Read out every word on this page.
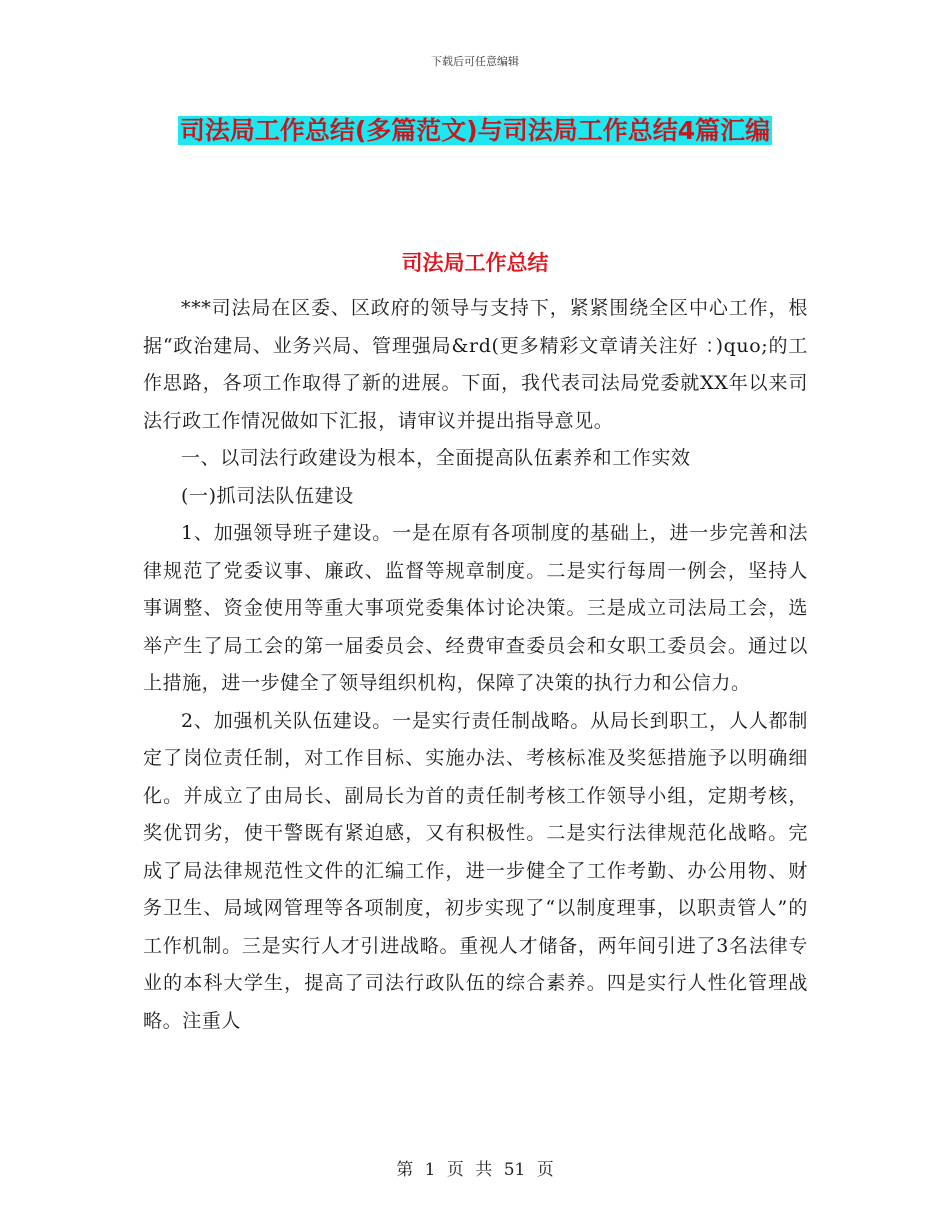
下载后可任意编辑
司法局工作总结(多篇范文)与司法局工作总结4篇汇编
司法局工作总结

***司法局在区委、区政府的领导与支持下，紧紧围绕全区中心工作，根据“政治建局、业务兴局、管理强局&rd(更多精彩文章请关注好 ：)quo;的工作思路，各项工作取得了新的进展。下面，我代表司法局党委就XX年以来司法行政工作情况做如下汇报，请审议并提出指导意见。

一、以司法行政建设为根本，全面提高队伍素养和工作实效

(一)抓司法队伍建设

1、加强领导班子建设。一是在原有各项制度的基础上，进一步完善和法律规范了党委议事、廉政、监督等规章制度。二是实行每周一例会，坚持人事调整、资金使用等重大事项党委集体讨论决策。三是成立司法局工会，选举产生了局工会的第一届委员会、经费审查委员会和女职工委员会。通过以上措施，进一步健全了领导组织机构，保障了决策的执行力和公信力。

2、加强机关队伍建设。一是实行责任制战略。从局长到职工，人人都制定了岗位责任制，对工作目标、实施办法、考核标准及奖惩措施予以明确细化。并成立了由局长、副局长为首的责任制考核工作领导小组，定期考核，奖优罚劣，使干警既有紧迫感，又有积极性。二是实行法律规范化战略。完成了局法律规范性文件的汇编工作，进一步健全了工作考勤、办公用物、财务卫生、局域网管理等各项制度，初步实现了“以制度理事，以职责管人”的工作机制。三是实行人才引进战略。重视人才储备，两年间引进了3名法律专业的本科大学生，提高了司法行政队伍的综合素养。四是实行人性化管理战略。注重人

第 1 页 共 51 页
